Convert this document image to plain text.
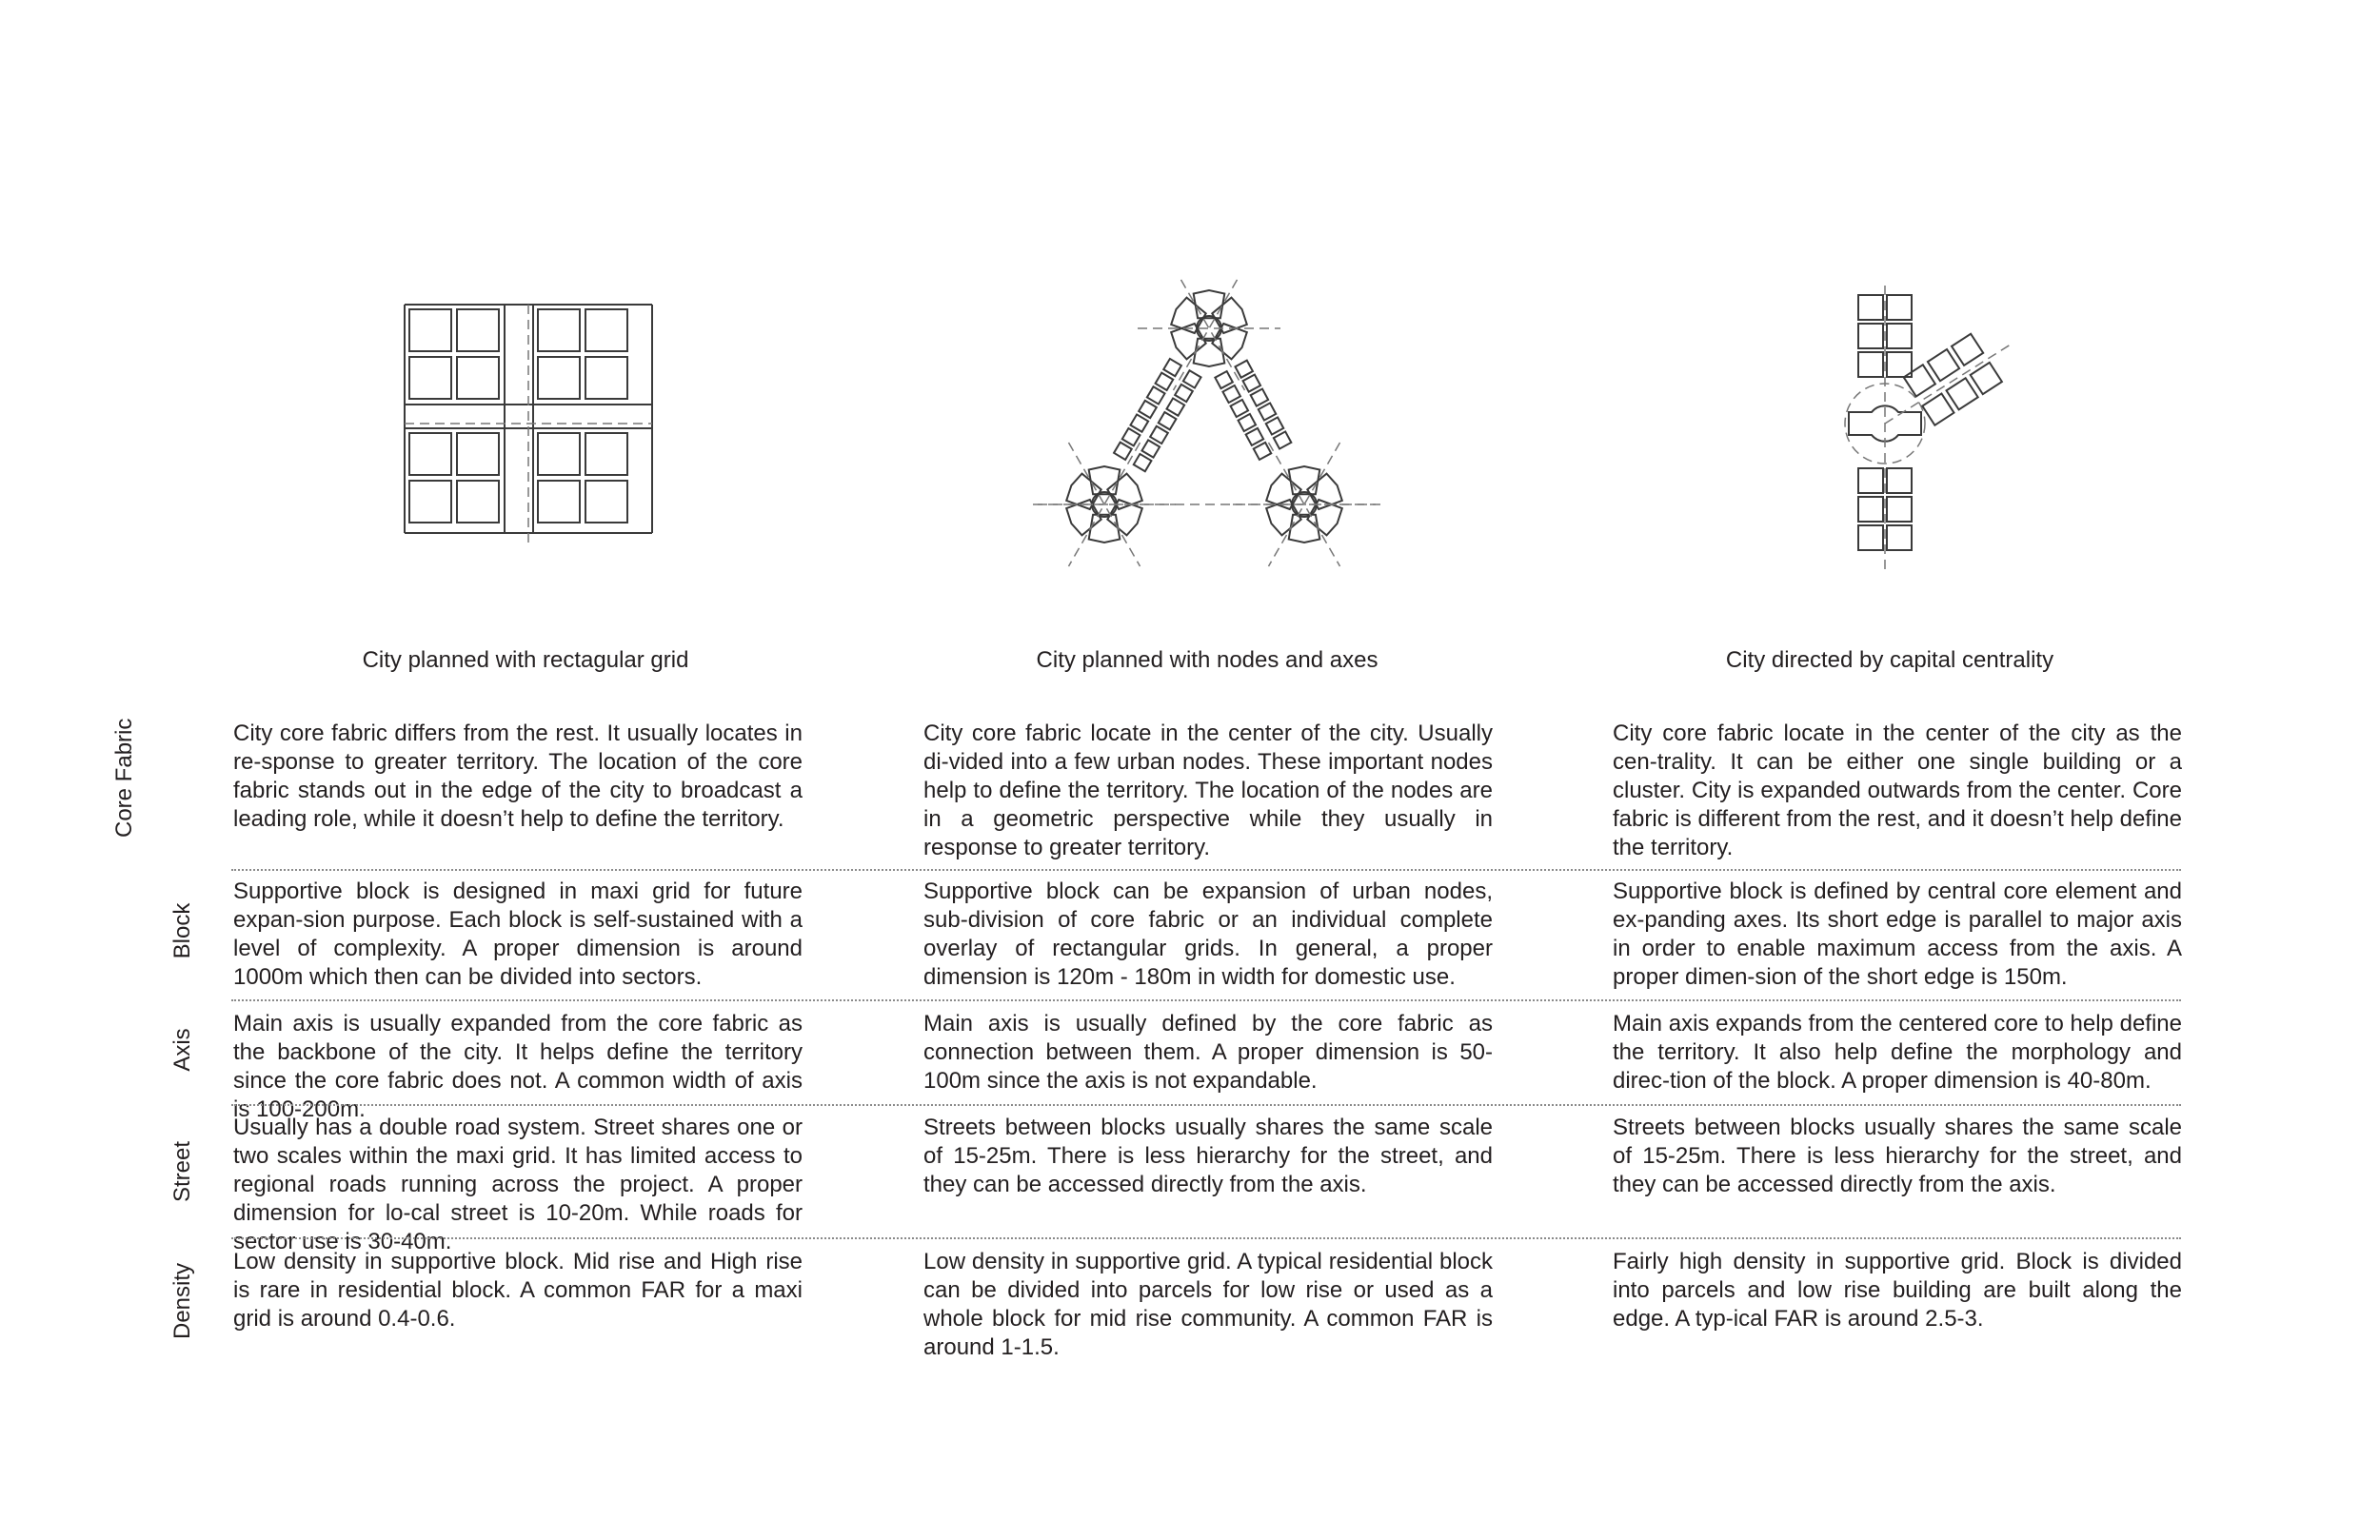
City planned with rectagular grid	City planned with nodes and axes	City directed by capital centrality
Core Fabric
Block
Axis
Street
Density
City core fabric differs from the rest. It usually locates in re-sponse to greater territory. The location of the core fabric stands out in the edge of the city to broadcast a leading role, while it doesn’t help to define the territory.
City core fabric locate in the center of the city. Usually di-vided into a few urban nodes. These important nodes help to define the territory. The location of the nodes are in a geometric perspective while they usually in response to greater territory.
City core fabric locate in the center of the city as the cen-trality. It can be either one single building or a cluster. City is expanded outwards from the center. Core fabric is different from the rest, and it doesn’t help define the territory.
Supportive block is designed in maxi grid for future expan-sion purpose. Each block is self-sustained with a level of complexity. A proper dimension is around 1000m which then can be divided into sectors.
Supportive block can be expansion of urban nodes, sub-division of core fabric or an individual complete overlay of rectangular grids. In general, a proper dimension is 120m - 180m in width for domestic use.
Supportive block is defined by central core element and ex-panding axes. Its short edge is parallel to major axis in order to enable maximum access from the axis. A proper dimen-sion of the short edge is 150m.
Main axis is usually expanded from the core fabric as the backbone of the city. It helps define the territory since the core fabric does not. A common width of axis is 100-200m.
Main axis is usually defined by the core fabric as connection between them. A proper dimension is 50-100m since the axis is not expandable.
Main axis expands from the centered core to help define the territory. It also help define the morphology and direc-tion of the block. A proper dimension is 40-80m.
Usually has a double road system. Street shares one or two scales within the maxi grid. It has limited access to regional roads running across the project. A proper dimension for lo-cal street is 10-20m. While roads for sector use is 30-40m.
Streets between blocks usually shares the same scale of 15-25m. There is less hierarchy for the street, and they can be accessed directly from the axis.
Streets between blocks usually shares the same scale of 15-25m. There is less hierarchy for the street, and they can be accessed directly from the axis.
Low density in supportive block. Mid rise and High rise is rare in residential block. A common FAR for a maxi grid is around 0.4-0.6.
Low density in supportive grid. A typical residential block can be divided into parcels for low rise or used as a whole block for mid rise community. A common FAR is around 1-1.5.
Fairly high density in supportive grid. Block is divided into parcels and low rise building are built along the edge. A typ-ical FAR is around 2.5-3.
